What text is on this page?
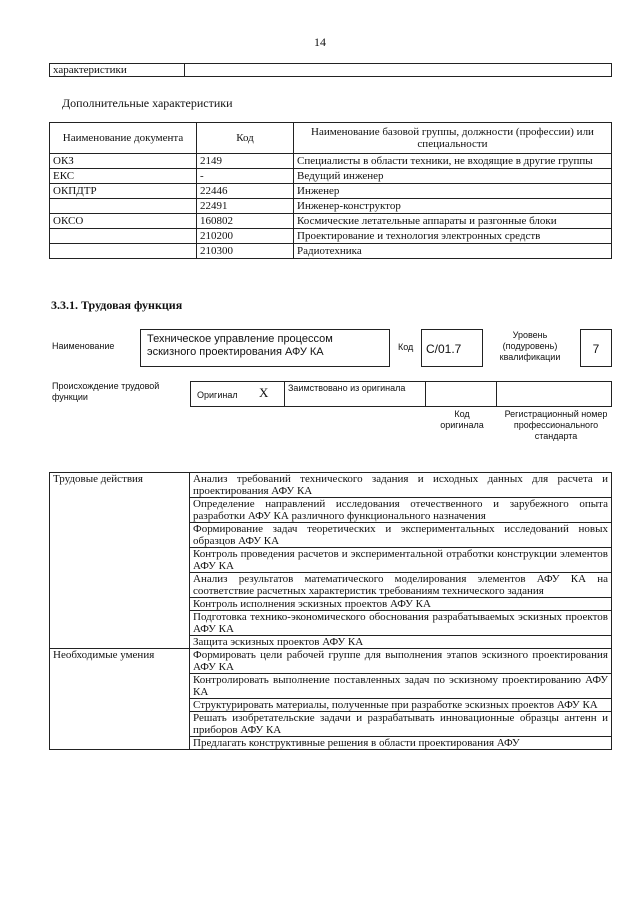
14
характеристики
Дополнительные характеристики
Наименование документа	Код	Наименование базовой группы, должности (профессии) или специальности
ОКЗ	2149	Специалисты в области техники, не входящие в другие группы
ЕКС	-	Ведущий инженер
ОКПДТР	22446	Инженер
	22491	Инженер-конструктор
ОКСО	160802	Космические летательные аппараты и разгонные блоки
	210200	Проектирование и технология электронных средств
	210300	Радиотехника
3.3.1. Трудовая функция
Наименование
Техническое управление процессом эскизного проектирования АФУ КА	Код	C/01.7
Уровень (подуровень) квалификации
7
Происхождение трудовой функции	Оригинал X	Заимствовано из оригинала
Код оригинала
Регистрационный номер профессионального стандарта
Трудовые действия	Анализ требований технического задания и исходных данных для расчета и проектирования АФУ КА
	Определение направлений исследования отечественного и зарубежного опыта разработки АФУ КА различного функционального назначения
	Формирование задач теоретических и экспериментальных исследований новых образцов АФУ КА
	Контроль проведения расчетов и экспериментальной отработки конструкции элементов АФУ КА
	Анализ результатов математического моделирования элементов АФУ КА на соответствие расчетных характеристик требованиям технического задания
	Контроль исполнения эскизных проектов АФУ КА
	Подготовка технико-экономического обоснования разрабатываемых эскизных проектов АФУ КА
	Защита эскизных проектов АФУ КА
Необходимые умения	Формировать цели рабочей группе для выполнения этапов эскизного проектирования АФУ КА
	Контролировать выполнение поставленных задач по эскизному проектированию АФУ КА
	Структурировать материалы, полученные при разработке эскизных проектов АФУ КА
	Решать изобретательские задачи и разрабатывать инновационные образцы антенн и приборов АФУ КА
	Предлагать конструктивные решения в области проектирования АФУ
